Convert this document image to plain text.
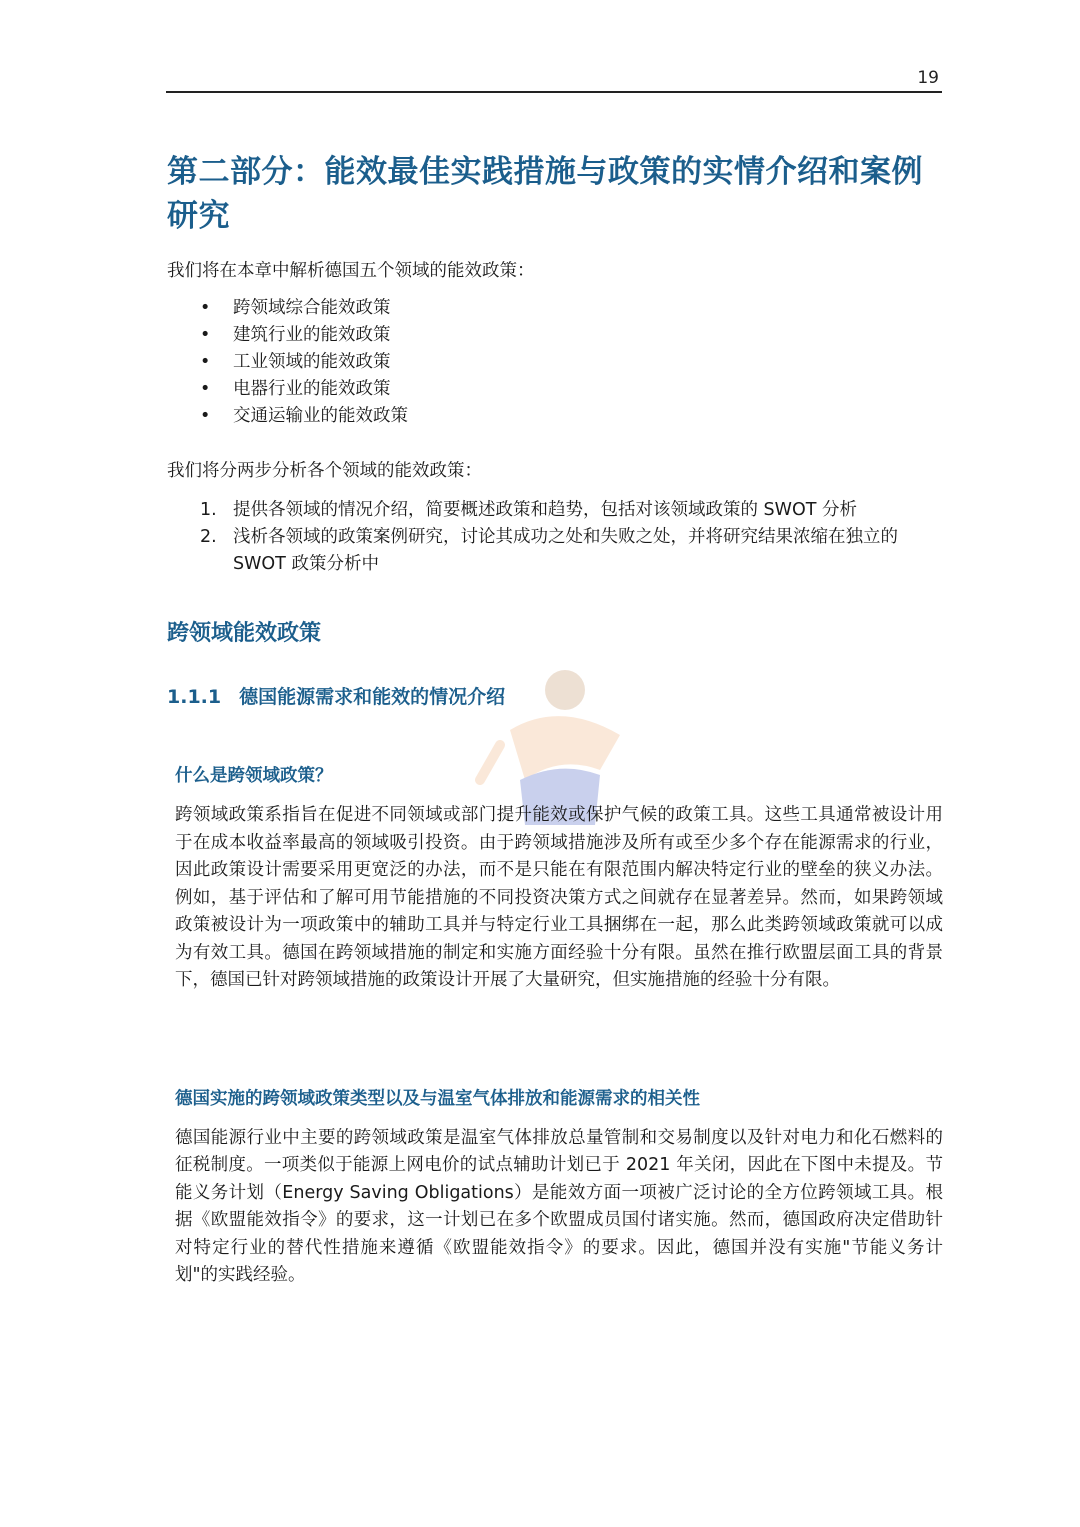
19
第二部分：能效最佳实践措施与政策的实情介绍和案例研究

我们将在本章中解析德国五个领域的能效政策：

• 跨领域综合能效政策
• 建筑行业的能效政策
• 工业领域的能效政策
• 电器行业的能效政策
• 交通运输业的能效政策

我们将分两步分析各个领域的能效政策：

1. 提供各领域的情况介绍，简要概述政策和趋势，包括对该领域政策的 SWOT 分析
2. 浅析各领域的政策案例研究，讨论其成功之处和失败之处，并将研究结果浓缩在独立的 SWOT 政策分析中
跨领域能效政策
1.1.1 德国能源需求和能效的情况介绍
什么是跨领域政策？

跨领域政策系指旨在促进不同领域或部门提升能效或保护气候的政策工具。这些工具通常被设计用于在成本收益率最高的领域吸引投资。由于跨领域措施涉及所有或至少多个存在能源需求的行业，因此政策设计需要采用更宽泛的办法，而不是只能在有限范围内解决特定行业的壁垒的狭义办法。例如，基于评估和了解可用节能措施的不同投资决策方式之间就存在显著差异。然而，如果跨领域政策被设计为一项政策中的辅助工具并与特定行业工具捆绑在一起，那么此类跨领域政策就可以成为有效工具。德国在跨领域措施的制定和实施方面经验十分有限。虽然在推行欧盟层面工具的背景下，德国已针对跨领域措施的政策设计开展了大量研究，但实施措施的经验十分有限。

德国实施的跨领域政策类型以及与温室气体排放和能源需求的相关性

德国能源行业中主要的跨领域政策是温室气体排放总量管制和交易制度以及针对电力和化石燃料的征税制度。一项类似于能源上网电价的试点辅助计划已于 2021 年关闭，因此在下图中未提及。节能义务计划（Energy Saving Obligations）是能效方面一项被广泛讨论的全方位跨领域工具。根据《欧盟能效指令》的要求，这一计划已在多个欧盟成员国付诸实施。然而，德国政府决定借助针对特定行业的替代性措施来遵循《欧盟能效指令》的要求。因此，德国并没有实施"节能义务计划"的实践经验。
